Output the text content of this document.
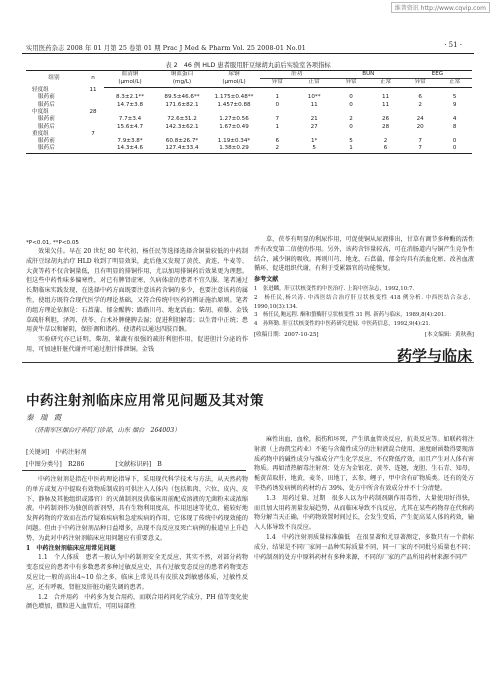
维普资讯 http://www.cqvip.com
实用医药杂志 2008 年 01 月第 25 卷第 01 期 Prac J Med & Pharm Vol. 25 2008-01 No.01	· 51 ·
表 2　46 例 HLD 患者服用肝豆绿胡丸前后实验室各项指标
组别	n	血清铜	铜蓝蛋白	尿铜	肝功		BUN		EEG	
		(μmol/L)	(mg/L)	(μmol/L)	异常	正常	异常	正常	异常	正常
轻度组	11									
服药前		8.3±2.1**	89.5±46.6**	1.175±0.48**	1	10**	0	11	6	5
服药后		14.7±3.8	171.6±82.1	1.457±0.88	0	11	0	11	2	9
中度组	28									
服药前		7.7±3.4	72.6±31.2	1.27±0.56	7	21	2	26	24	4
服药后		15.6±4.7	142.3±62.1	1.67±0.49	1	27	0	28	20	8
重度组	7									
服药前		7.9±3.8*	60.8±26.7*	1.19±0.34*	6	1*	5	2	7	0
服药后		14.3±4.6	127.4±33.4	1.38±0.29	2	5	1	6	7	0
*P<0.01, **P<0.05

效果欠佳。早在 20 世纪 80 年代初，杨任民等选择选择含铜量较低的中药制成肝豆绿胡丸治疗 HLD 收到了明显效果，此后他又发现了黄芪、黄连、牛麦等、大黄等药不仅含铜量低，且有明显的排铜作用，尤以加用排铜药后效果更为理想。但这些中药性味多偏寒性，对已有脾肾虚寒、久病体虚的患者不宜久服。笔者通过长期临床实践发现，在选择中药方面既要注意该药含铜的多少，也要注意该药的属性，使组方既符合现代医学的理论基础，又符合传统中医药的辨证施治原则。笔者的组方理论依据是：石菖蒲、郁金醒脾；路路川芎、地龙活血；柴胡、蒺藜、金钱草疏肝利胆，泽泻、茯苓、白术补脾健脾去湿；促进利胆解毒；以生肾中正统；患用黄牛草以和解阴，保肝调和诸药。使诸药以通达四肢百骸。

实验研究亦已证明，柴胡、莱蔬有很强的疏肝利胆作用，促进胆汁分泌的作用，可加速肝脏代谢并可通过胆汁排泄铜。金钱

草，茯苓有明显的利尿作用，可促使铜从尿液排出，甘草有调节多种酶的活性并有改变第二信使的作用。另外，该药含锌量较高，可在消肠道内与铜产生竞争性结合，减少铜的吸收。再则川芎、地龙、石菖蒲、郁金均具有活血化瘀、改善血液循环，促进组织代谢，有利于受累器官的功能恢复。

参考文献

1　张进麟。肝豆状核变性的中医治疗. 上海中医杂志，1992,10:7.
2　杨任民,杨兴涛. 中西医结合治疗肝豆状核变性 418 例分析. 中西医结合杂志，1990,10(3):134.
3　杨任民,鲍远程. 酮和螯酶肝豆状核变性 31 例. 新药与临床，1989,8(4):201.
4　孙辉勤. 肝豆状核变性的中医药研究进展. 中医药信息，1992,9(4):21.
[收稿日期：2007-10-25]	[本文编辑：黄秋燕]
药学与临床
中药注射剂临床应用常见问题及其对策
秦 瑞 霞
（济南军区烟台疗养院门诊部，山东 烟台　264003）
[关键词]　中药注射剂
[中图分类号]　R286　　　　　[文献标识码]　B

中药注射剂是指在中医药理论指导下，采用现代科学技术与方法，从天然药物的单方或复方中提取有效物质制成的可供注入人体内（包括肌肉、穴位、皮内、皮下、静脉及其他组织或器官）的灭菌制剂及供临床用前配成溶液的无菌粉末或浓缩液。中药制剂作为独创的新剂型，具有生物利用度高，作用迅速等优点，能较好地发挥药物的疗效而在治疗疑难疾病和急症疾病的作用，它体现了传统中药现效能的问题。但由于中药注射剂品种日益增多，出现不良反应及死亡病例的报道呈上升趋势，为此对中药注射剂临床应用问题应有重要意义。

1　中药注射剂临床应用常见问题

1.1　个人体质　患者一般认为中药制剂安全无反应，其实不然，对部分药物变态反应的患者中有多数患者多种过敏反应史，具有过敏变态反应的患者药物变态反应比一般的高出4~10 倍之多，临床上常见具有皮肤及到敏感体质，过敏性反应，还有呼吸、肾脏及肝脏功能失调的患者。

1.2　合并用药　中药多为复合用药，而联合用药问化学成分，PH 值等变化使颜色增加，微粒进入血管后，可阻局部性

麻性出血，血栓，损伤和坏死，产生肌血管炎反应，抗炎反应等。如联药将注射液（上海凯宝药业）不能与含葡性成分的注射液混合使用，速度耐函数得要现溶质药物中的碱性成分与维成分产生化学反应，不仅降低疗效，而且产生对人体有害物质。再如清热解毒注射剂：处方为金银花、黄芩、连翘，龙胆、生石青、知母，栀黄苗取肝，地黄，麦冬，田地丁，玄参，鲤子，甲中含有矿物质类。还有的处方辛热药诱发病例的药材约占 39%，处方中所含有效成分并不十分清楚。

1.3　用药过量、过期　很多人以为中药制剂副作用毒性，大量使用好得快，而且加大用药剂量发展趋势，从而临床导致不良反应，尤其在某些药物存在代和药物分解当天正确，中药物效置时间过长，会发生变质，产生促高某人体的药效，输入人体导致不良反应。

1.4　中药注射剂质量标准偏低　在很显著和尤显著测定，多数只有一个指标成分，结果是不同厂家间一品种实际质量不同，同一厂家的不同批号质量也不同；中药制剂的处方中原料药材有多种来源，不同的厂家的产品所用药材来源不同产
